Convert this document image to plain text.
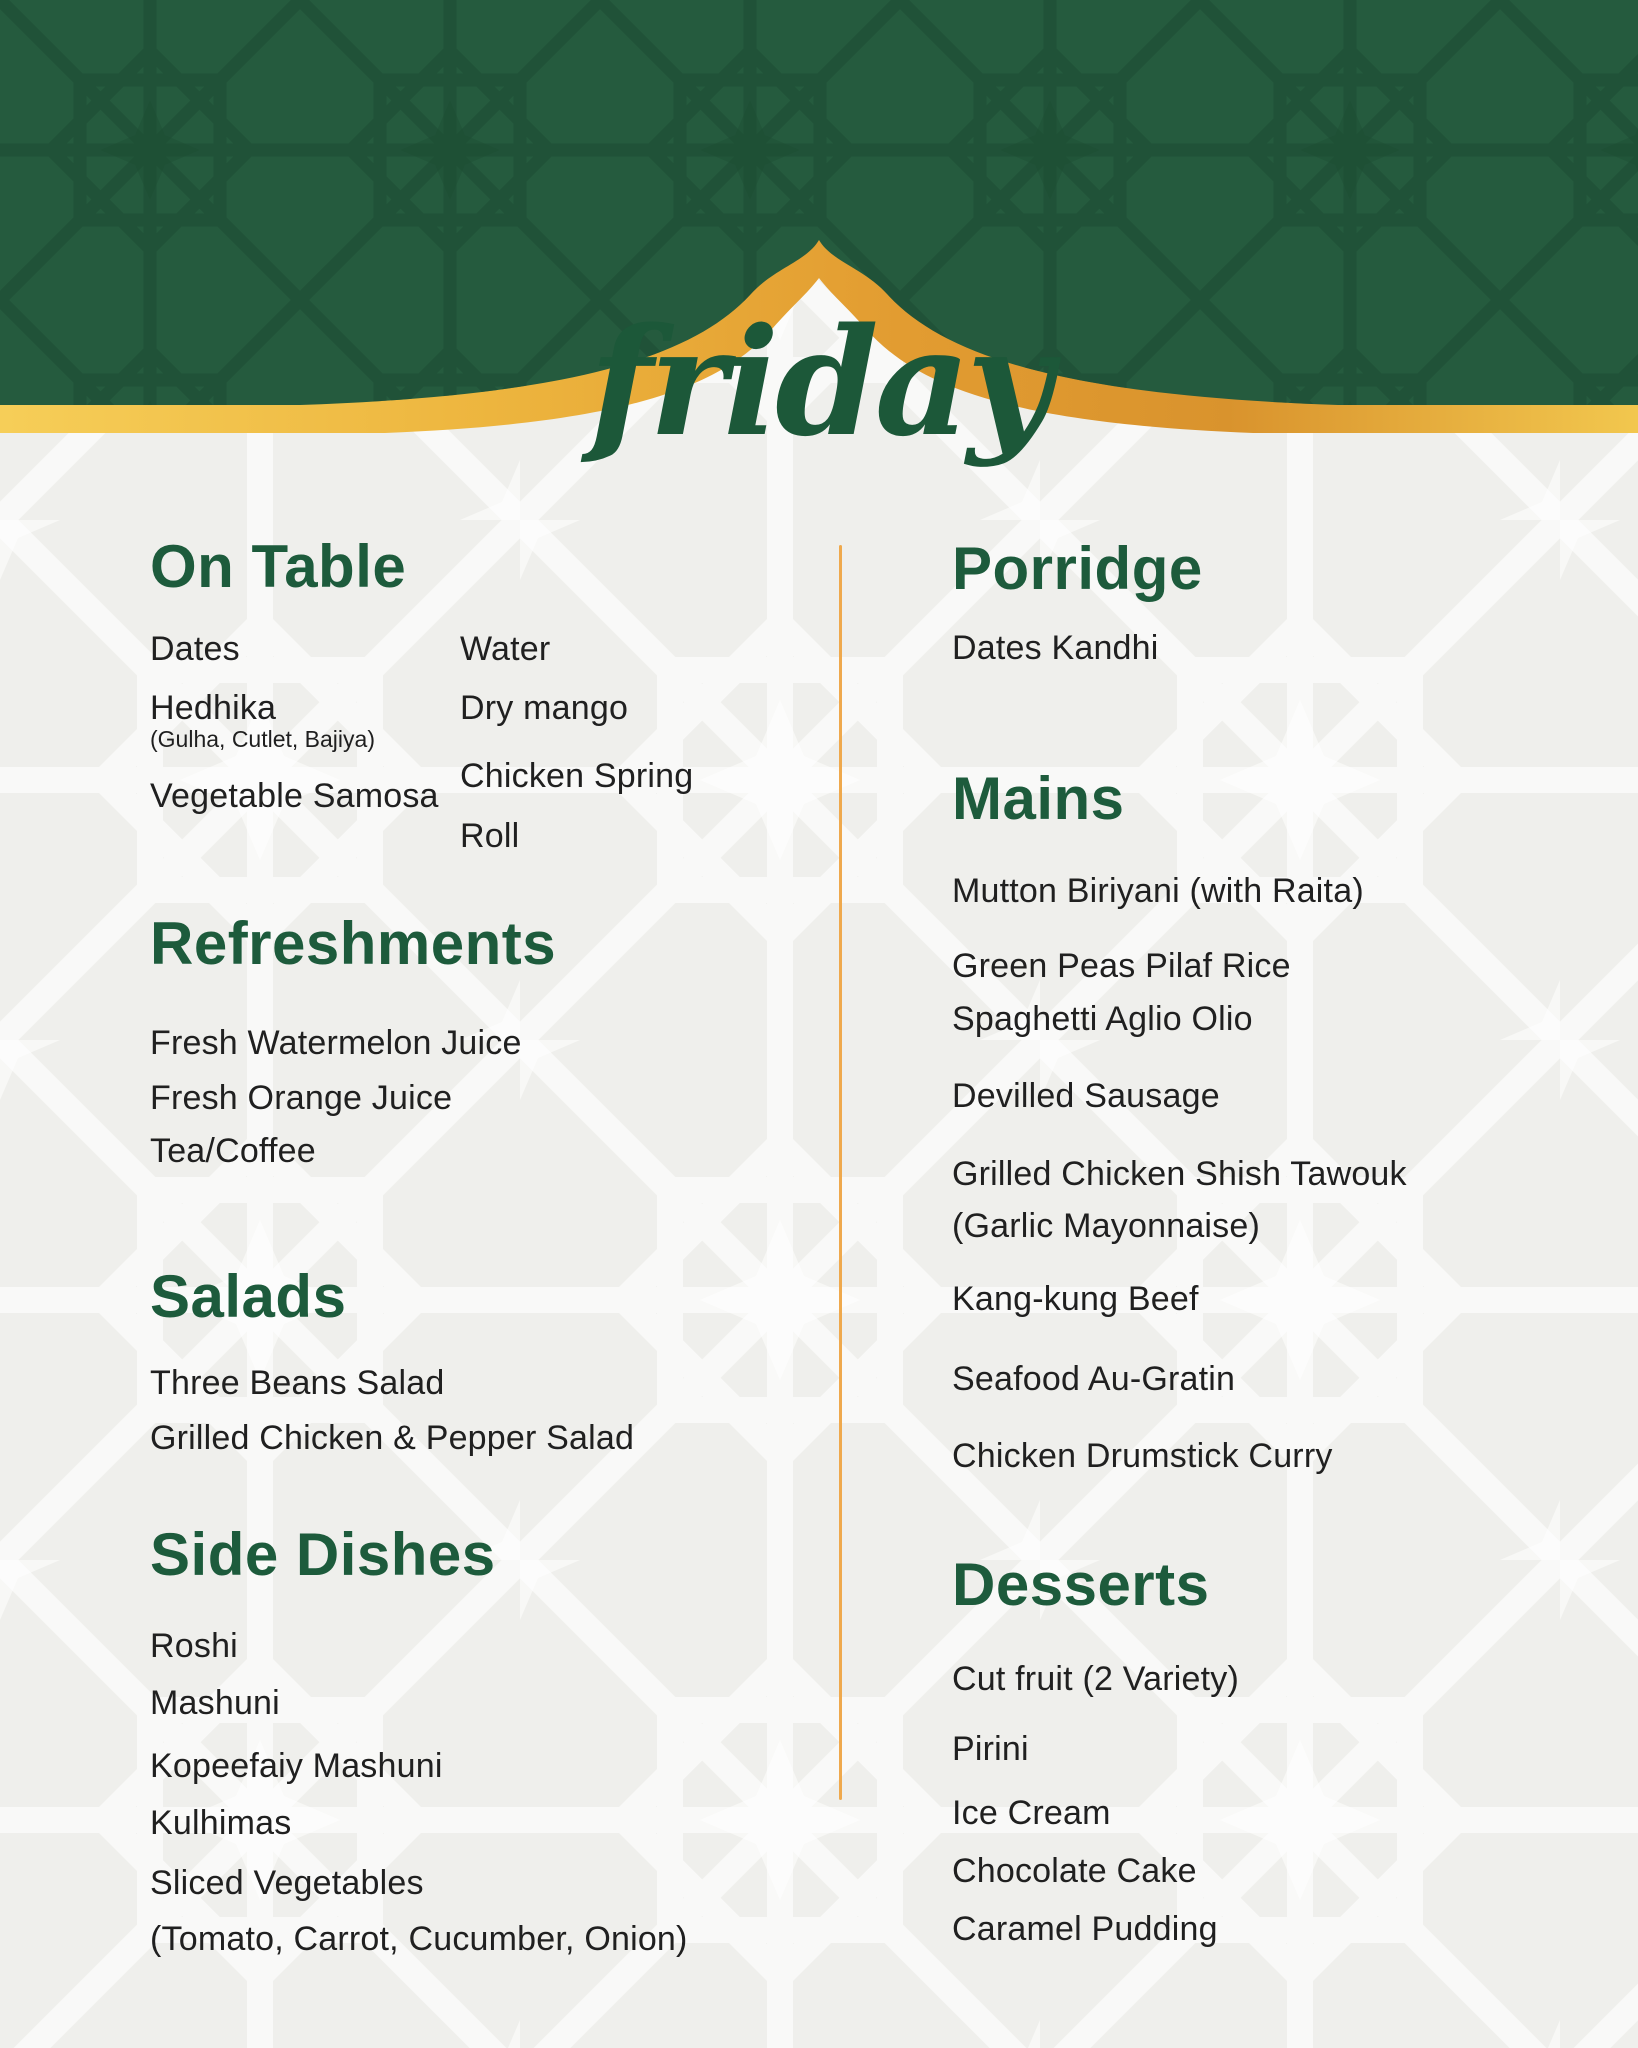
friday
On Table
Dates
Hedhika
(Gulha, Cutlet, Bajiya)
Vegetable Samosa
Water
Dry mango
Chicken Spring Roll
Refreshments
Fresh Watermelon Juice
Fresh Orange Juice
Tea/Coffee
Salads
Three Beans Salad
Grilled Chicken & Pepper Salad
Side Dishes
Roshi
Mashuni
Kopeefaiy Mashuni
Kulhimas
Sliced Vegetables
(Tomato, Carrot, Cucumber, Onion)
Porridge
Dates Kandhi
Mains
Mutton Biriyani (with Raita)
Green Peas Pilaf Rice
Spaghetti Aglio Olio
Devilled Sausage
Grilled Chicken Shish Tawouk (Garlic Mayonnaise)
Kang-kung Beef
Seafood Au-Gratin
Chicken Drumstick Curry
Desserts
Cut fruit (2 Variety)
Pirini
Ice Cream
Chocolate Cake
Caramel Pudding
